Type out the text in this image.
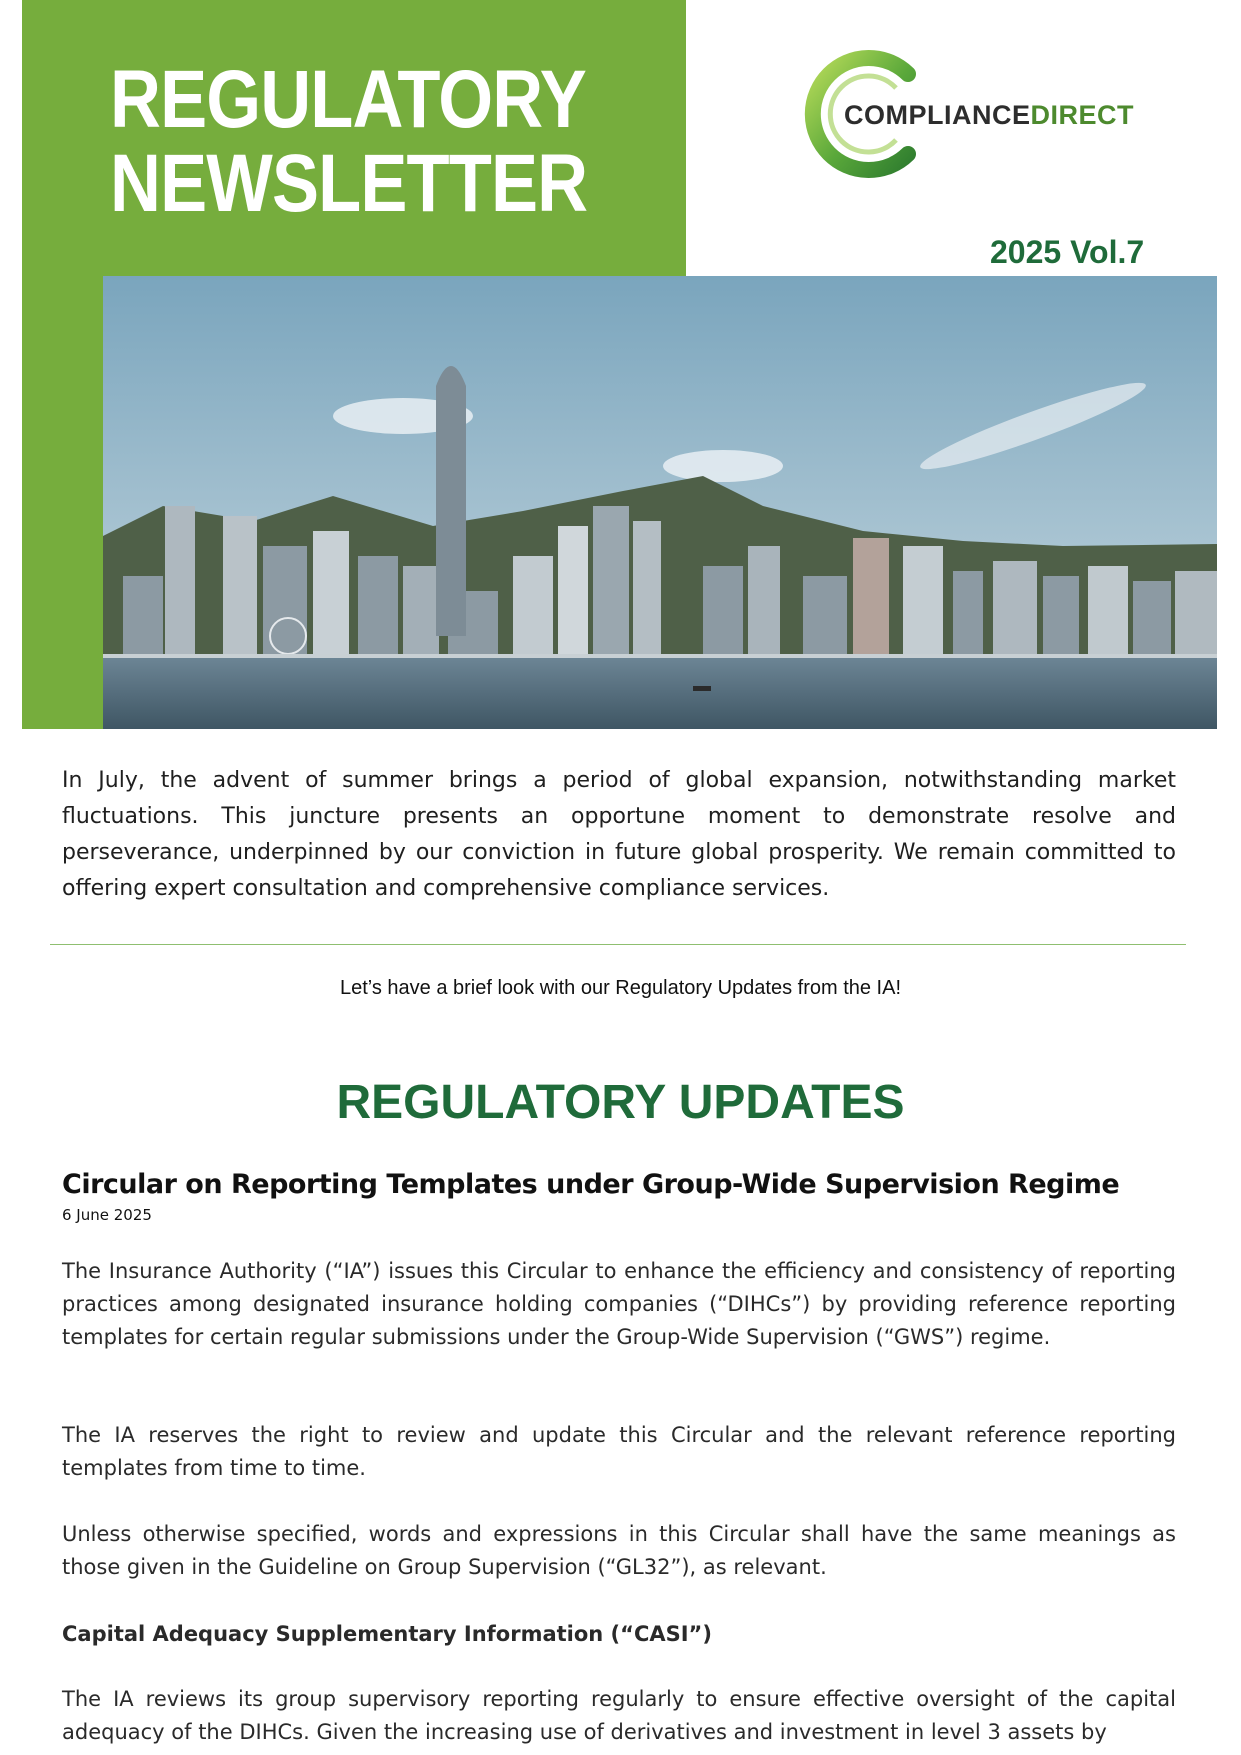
REGULATORY
NEWSLETTER
COMPLIANCEDIRECT
2025 Vol.7

In July, the advent of summer brings a period of global expansion, notwithstanding market fluctuations. This juncture presents an opportune moment to demonstrate resolve and perseverance, underpinned by our conviction in future global prosperity. We remain committed to offering expert consultation and comprehensive compliance services.

Let’s have a brief look with our Regulatory Updates from the IA!

REGULATORY UPDATES
Circular on Reporting Templates under Group-Wide Supervision Regime
6 June 2025

The Insurance Authority (“IA”) issues this Circular to enhance the efficiency and consistency of reporting practices among designated insurance holding companies (“DIHCs”) by providing reference reporting templates for certain regular submissions under the Group-Wide Supervision (“GWS”) regime.

The IA reserves the right to review and update this Circular and the relevant reference reporting templates from time to time.

Unless otherwise specified, words and expressions in this Circular shall have the same meanings as those given in the Guideline on Group Supervision (“GL32”), as relevant.

Capital Adequacy Supplementary Information (“CASI”)

The IA reviews its group supervisory reporting regularly to ensure effective oversight of the capital adequacy of the DIHCs. Given the increasing use of derivatives and investment in level 3 assets by
